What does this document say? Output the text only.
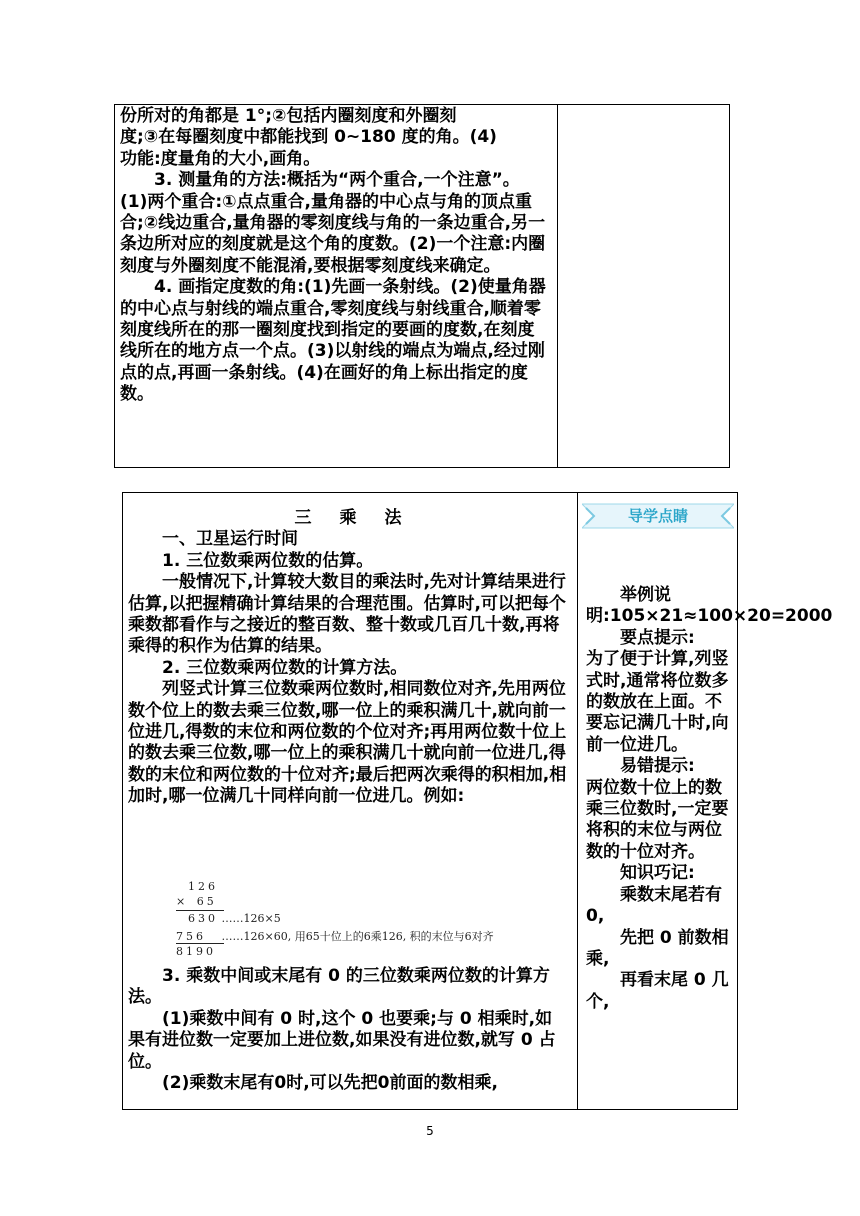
份所对的角都是 1°;②包括内圈刻度和外圈刻

度;③在每圈刻度中都能找到 0~180 度的角。(4)

功能:度量角的大小,画角。

3. 测量角的方法:概括为“两个重合,一个注意”。(1)两个重合:①点点重合,量角器的中心点与角的顶点重合;②线边重合,量角器的零刻度线与角的一条边重合,另一条边所对应的刻度就是这个角的度数。(2)一个注意:内圈刻度与外圈刻度不能混淆,要根据零刻度线来确定。

4. 画指定度数的角:(1)先画一条射线。(2)使量角器的中心点与射线的端点重合,零刻度线与射线重合,顺着零刻度线所在的那一圈刻度找到指定的要画的度数,在刻度线所在的地方点一个点。(3)以射线的端点为端点,经过刚点的点,再画一条射线。(4)在画好的角上标出指定的度数。

导学点睛

三 乘 法

一、卫星运行时间

1. 三位数乘两位数的估算。

一般情况下,计算较大数目的乘法时,先对计算结果进行估算,以把握精确计算结果的合理范围。估算时,可以把每个乘数都看作与之接近的整百数、整十数或几百几十数,再将乘得的积作为估算的结果。

2. 三位数乘两位数的计算方法。

列竖式计算三位数乘两位数时,相同数位对齐,先用两位数个位上的数去乘三位数,哪一位上的乘积满几十,就向前一位进几,得数的末位和两位数的个位对齐;再用两位数十位上的数去乘三位数,哪一位上的乘积满几十就向前一位进几,得数的末位和两位数的十位对齐;最后把两次乘得的积相加,相加时,哪一位满几十同样向前一位进几。例如:

126
× 65
630 ……126×5
756 ……126×60, 用65十位上的6乘126, 积的末位与6对齐
8190

3. 乘数中间或末尾有 0 的三位数乘两位数的计算方法。

(1)乘数中间有 0 时,这个 0 也要乘;与 0 相乘时,如果有进位数一定要加上进位数,如果没有进位数,就写 0 占位。

(2)乘数末尾有0时,可以先把0前面的数相乘,

举例说

明:105×21≈100×20=2000

要点提示:

为了便于计算,列竖式时,通常将位数多的数放在上面。不要忘记满几十时,向前一位进几。

易错提示:

两位数十位上的数乘三位数时,一定要将积的末位与两位数的十位对齐。

知识巧记:

乘数末尾若有 0,

先把 0 前数相乘,

再看末尾 0 几个,

5
